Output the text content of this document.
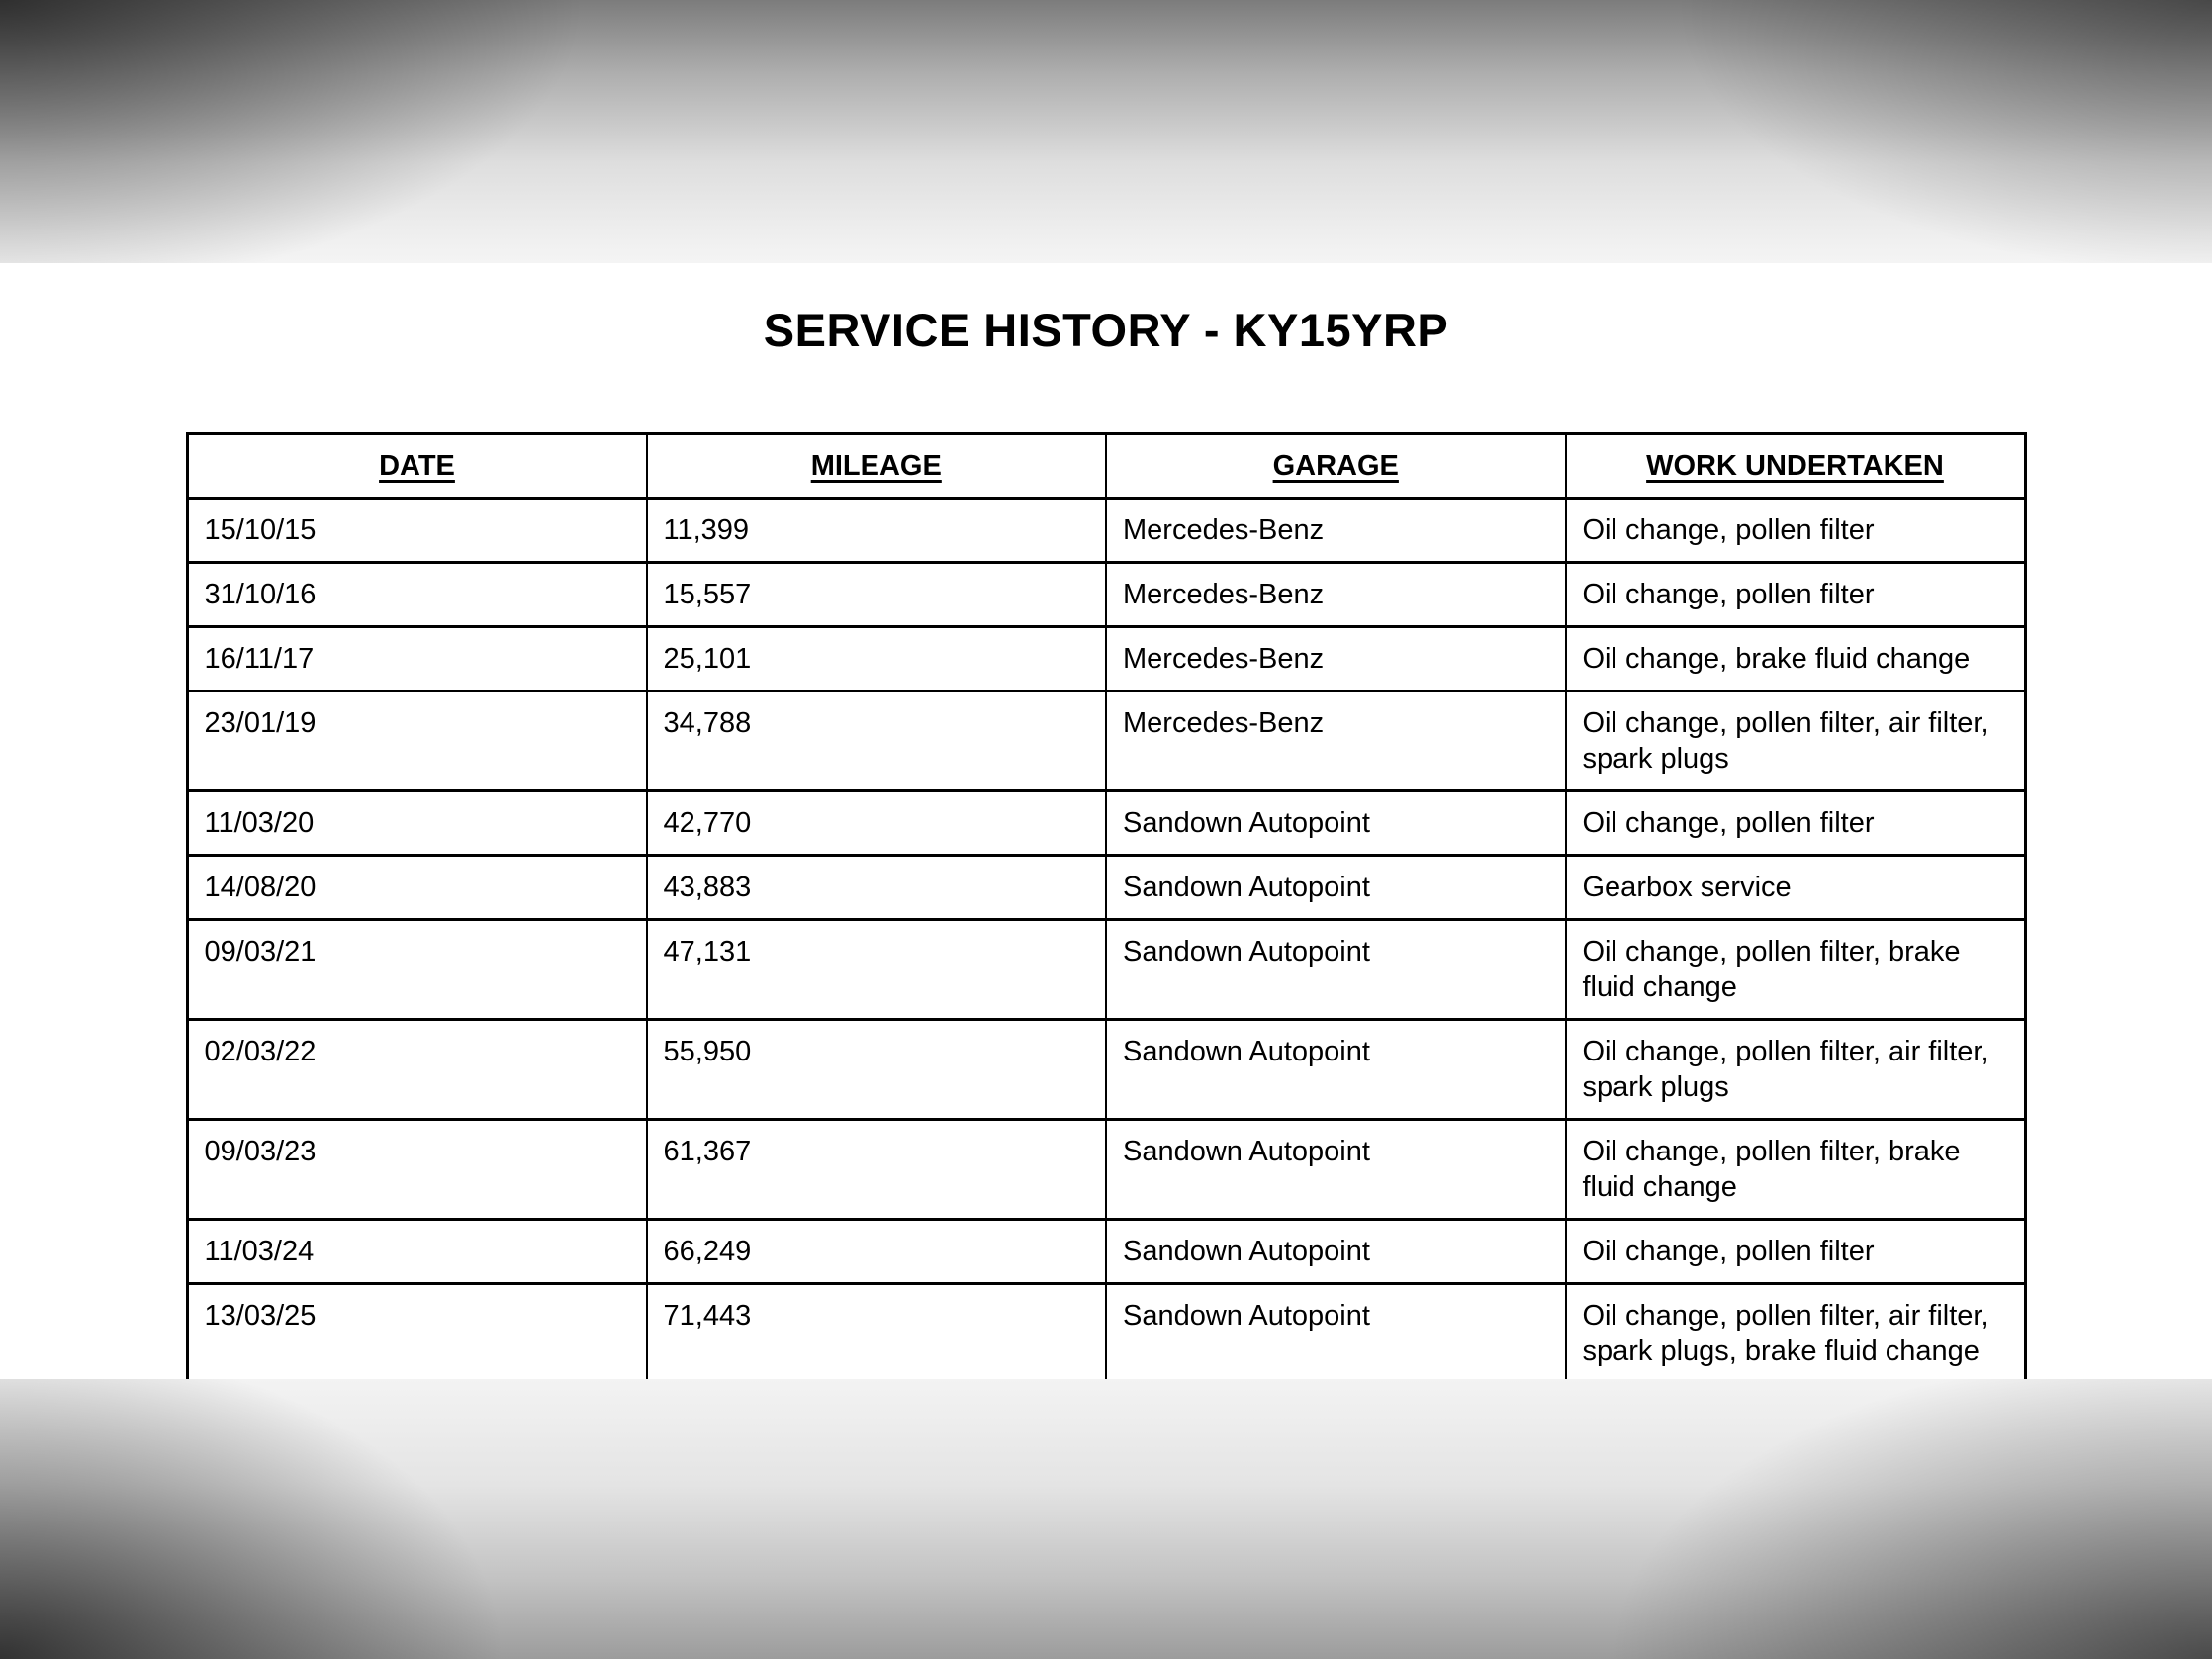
SERVICE HISTORY - KY15YRP
DATE	MILEAGE	GARAGE	WORK UNDERTAKEN
15/10/15	11,399	Mercedes-Benz	Oil change, pollen filter
31/10/16	15,557	Mercedes-Benz	Oil change, pollen filter
16/11/17	25,101	Mercedes-Benz	Oil change, brake fluid change
23/01/19	34,788	Mercedes-Benz	Oil change, pollen filter, air filter, spark plugs
11/03/20	42,770	Sandown Autopoint	Oil change, pollen filter
14/08/20	43,883	Sandown Autopoint	Gearbox service
09/03/21	47,131	Sandown Autopoint	Oil change, pollen filter, brake fluid change
02/03/22	55,950	Sandown Autopoint	Oil change, pollen filter, air filter, spark plugs
09/03/23	61,367	Sandown Autopoint	Oil change, pollen filter, brake fluid change
11/03/24	66,249	Sandown Autopoint	Oil change, pollen filter
13/03/25	71,443	Sandown Autopoint	Oil change, pollen filter, air filter, spark plugs, brake fluid change
